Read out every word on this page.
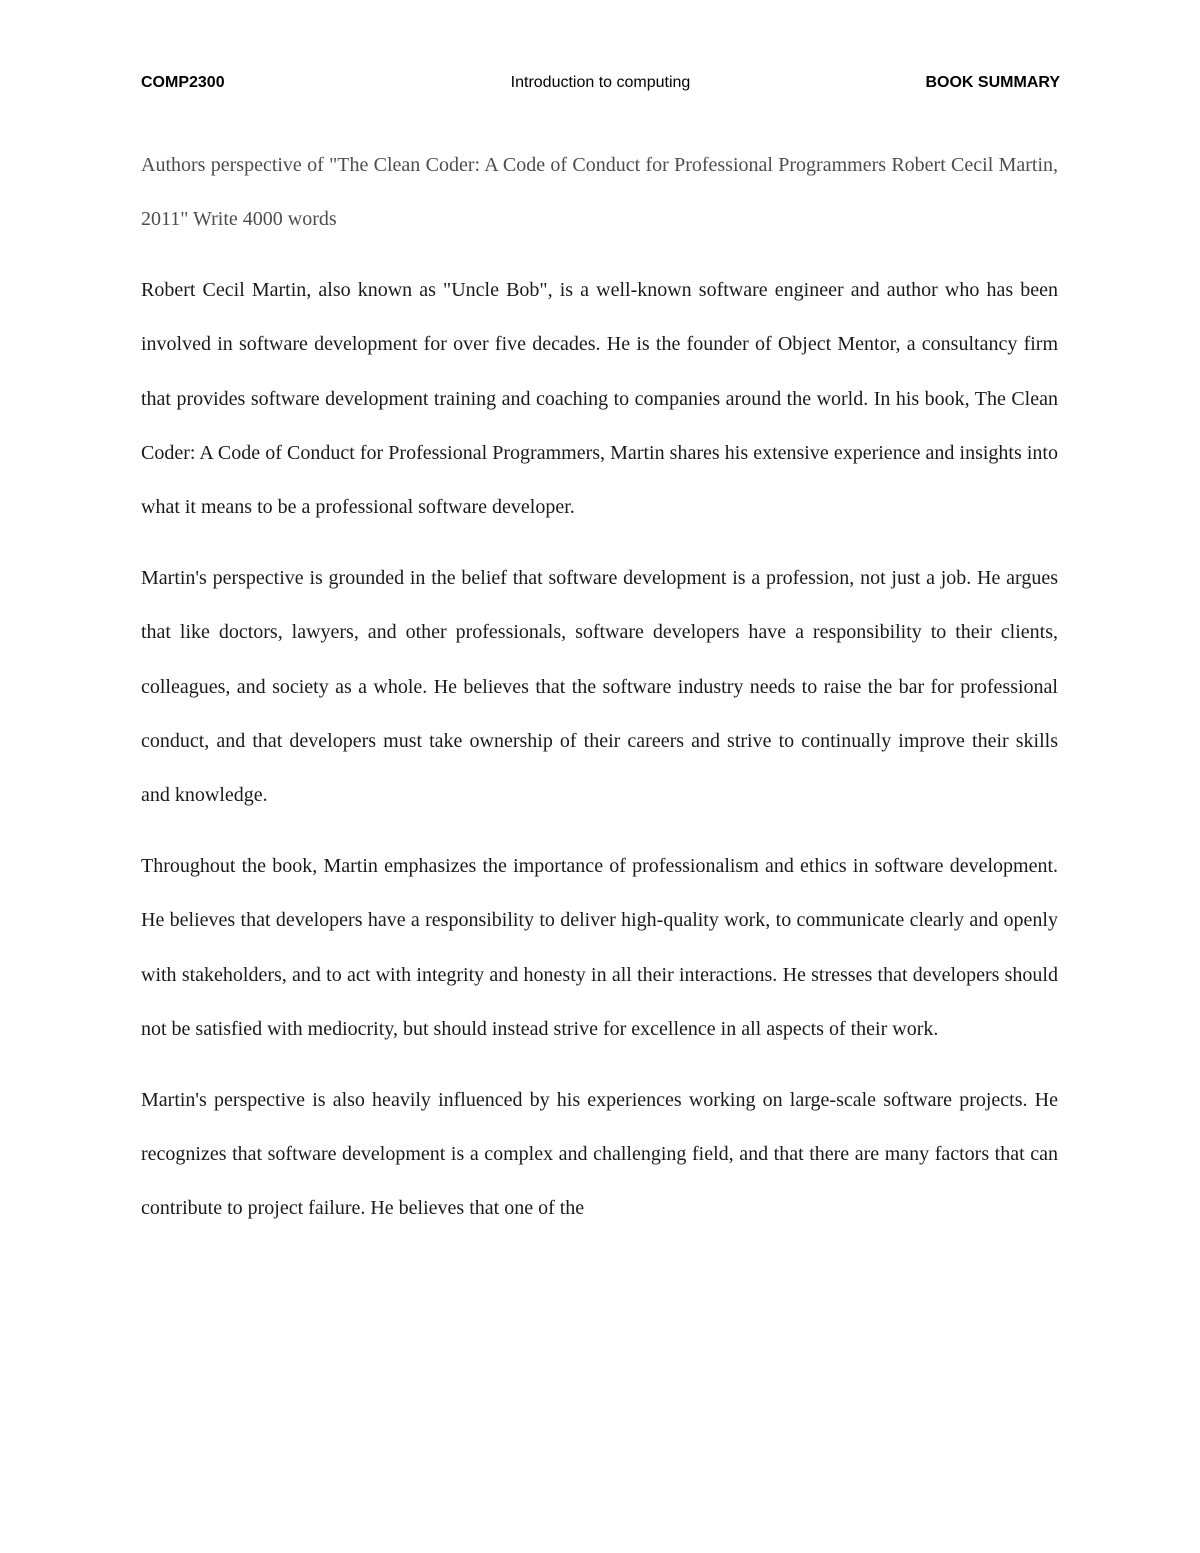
COMP2300	Introduction to computing	BOOK SUMMARY

Authors perspective of "The Clean Coder: A Code of Conduct for Professional Programmers Robert Cecil Martin, 2011" Write 4000 words

Robert Cecil Martin, also known as "Uncle Bob", is a well-known software engineer and author who has been involved in software development for over five decades. He is the founder of Object Mentor, a consultancy firm that provides software development training and coaching to companies around the world. In his book, The Clean Coder: A Code of Conduct for Professional Programmers, Martin shares his extensive experience and insights into what it means to be a professional software developer.

Martin's perspective is grounded in the belief that software development is a profession, not just a job. He argues that like doctors, lawyers, and other professionals, software developers have a responsibility to their clients, colleagues, and society as a whole. He believes that the software industry needs to raise the bar for professional conduct, and that developers must take ownership of their careers and strive to continually improve their skills and knowledge.

Throughout the book, Martin emphasizes the importance of professionalism and ethics in software development. He believes that developers have a responsibility to deliver high-quality work, to communicate clearly and openly with stakeholders, and to act with integrity and honesty in all their interactions. He stresses that developers should not be satisfied with mediocrity, but should instead strive for excellence in all aspects of their work.

Martin's perspective is also heavily influenced by his experiences working on large-scale software projects. He recognizes that software development is a complex and challenging field, and that there are many factors that can contribute to project failure. He believes that one of the
